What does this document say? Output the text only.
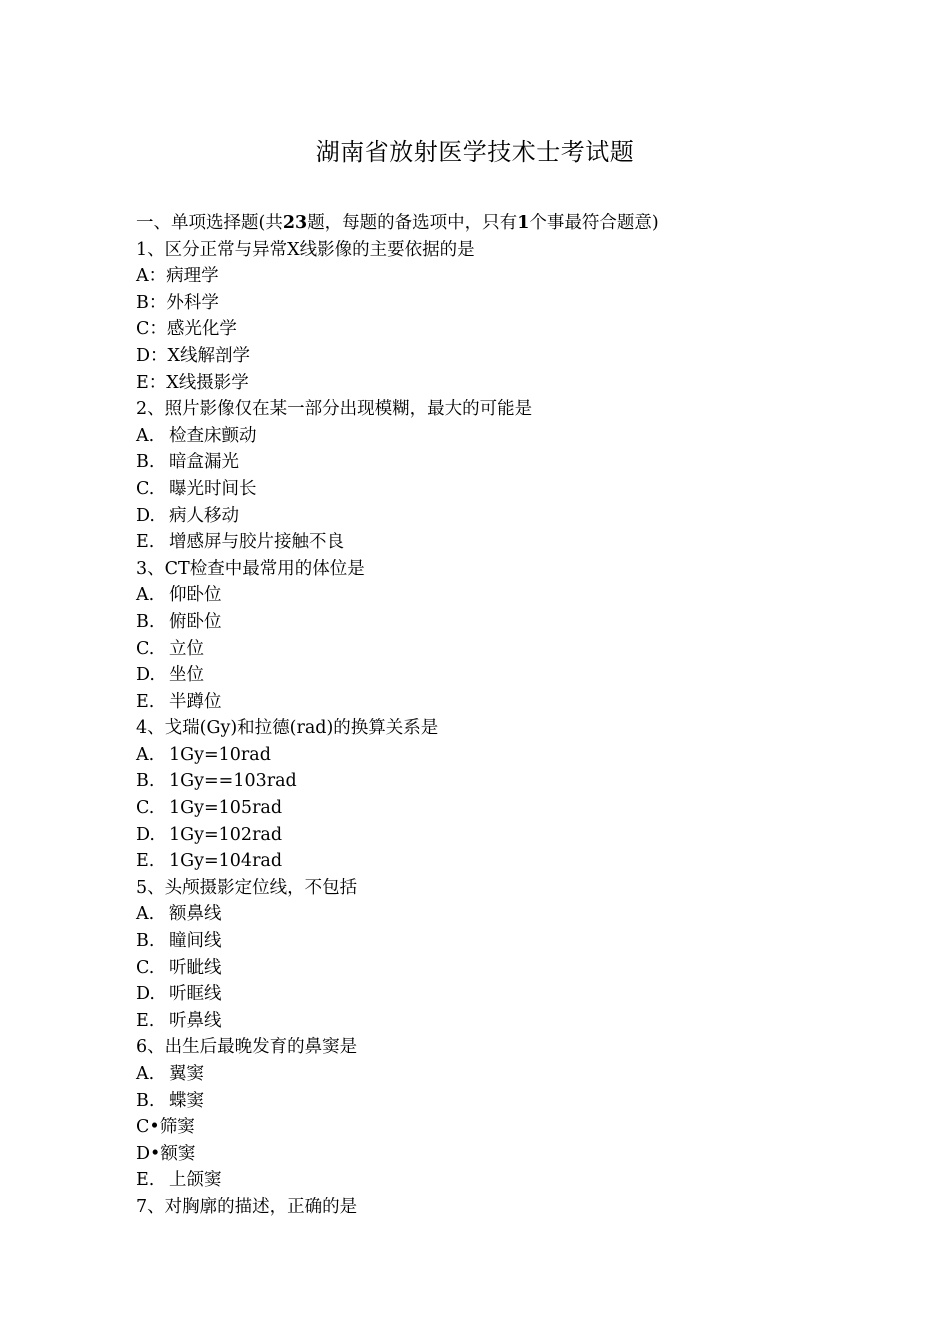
湖南省放射医学技术士考试题
一、单项选择题(共23题，每题的备选项中，只有1个事最符合题意)
1、区分正常与异常X线影像的主要依据的是
A：病理学
B：外科学
C：感光化学
D：X线解剖学
E：X线摄影学
2、照片影像仅在某一部分出现模糊，最大的可能是
A. 检查床颤动
B. 暗盒漏光
C. 曝光时间长
D. 病人移动
E. 增感屏与胶片接触不良
3、CT检查中最常用的体位是
A. 仰卧位
B. 俯卧位
C. 立位
D. 坐位
E. 半蹲位
4、戈瑞(Gy)和拉德(rad)的换算关系是
A. 1Gy=10rad
B. 1Gy==103rad
C. 1Gy=105rad
D. 1Gy=102rad
E. 1Gy=104rad
5、头颅摄影定位线，不包括
A. 额鼻线
B. 瞳间线
C. 听眦线
D. 听眶线
E. 听鼻线
6、出生后最晚发育的鼻窦是
A. 翼窦
B. 蝶窦
C•筛窦
D•额窦
E. 上颌窦
7、对胸廓的描述，正确的是
